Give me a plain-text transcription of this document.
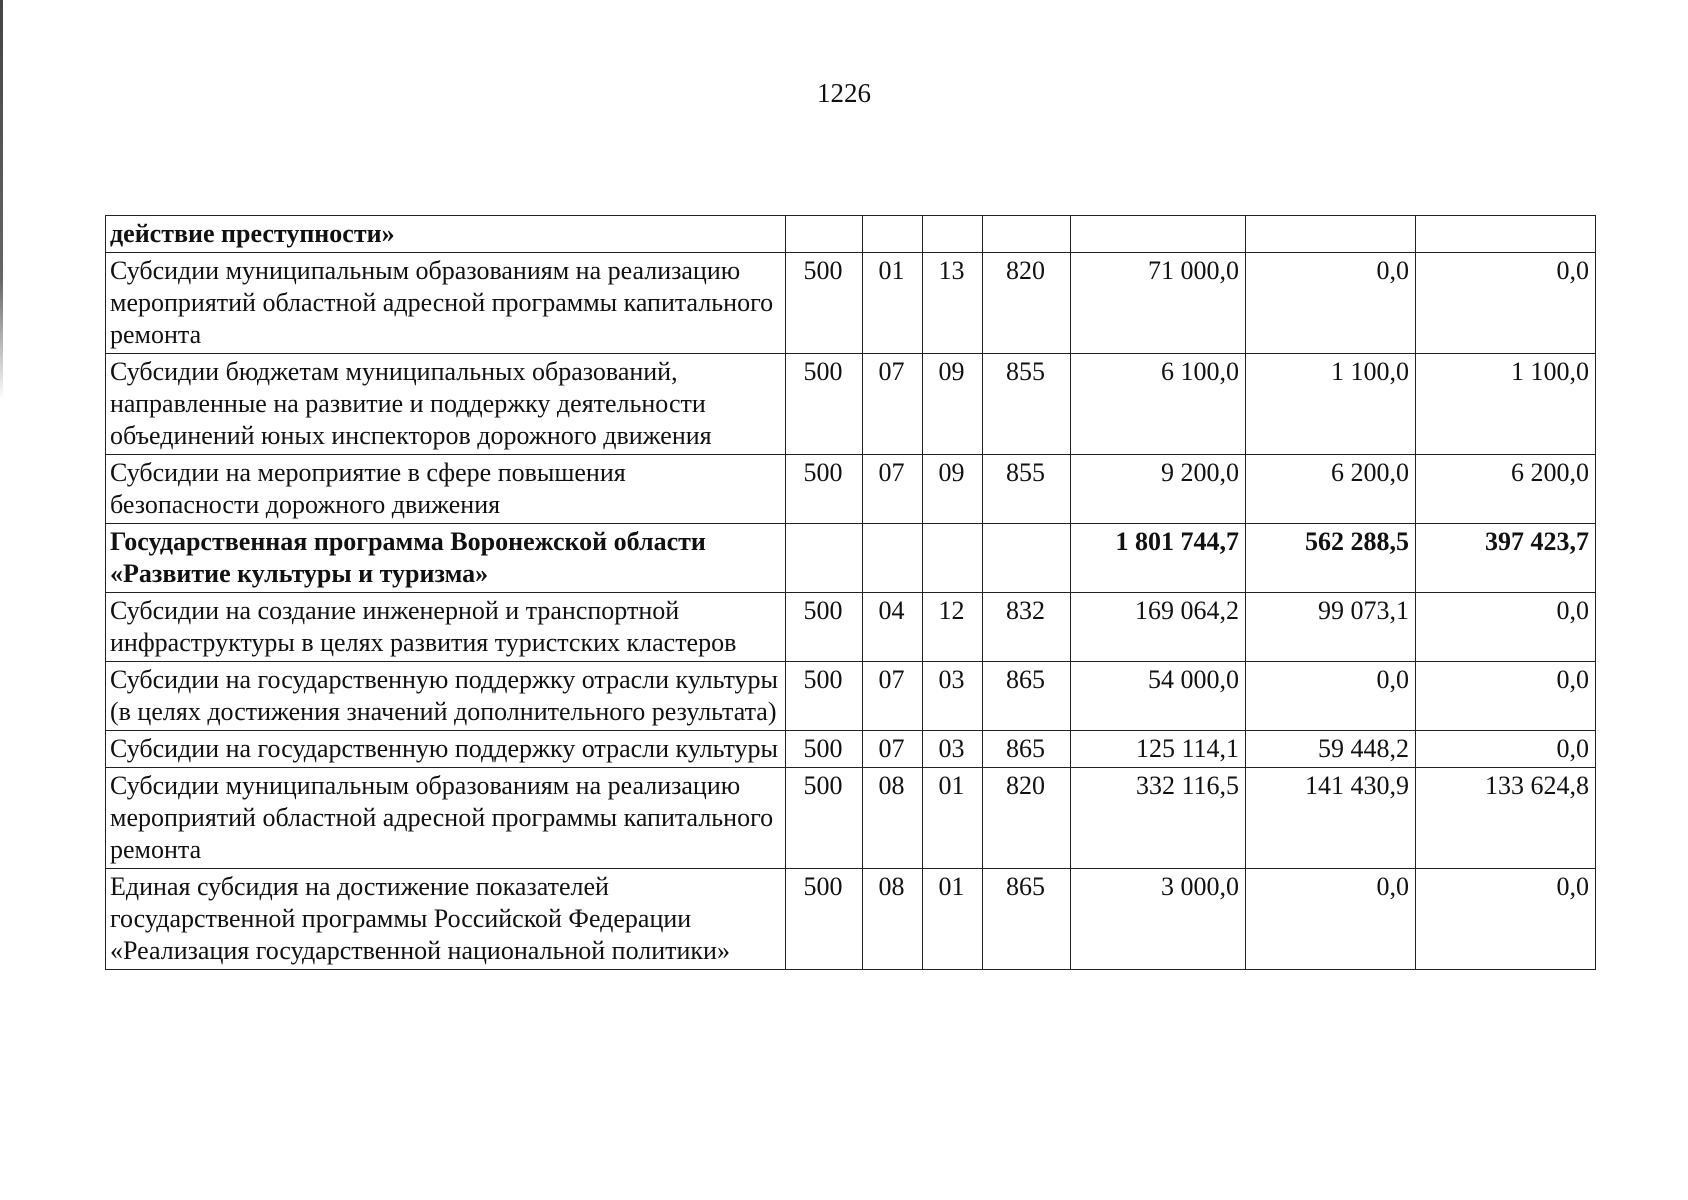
1226
действие преступности»							
Субсидии муниципальным образованиям на реализацию мероприятий областной адресной программы капитального ремонта	500	01	13	820	71 000,0	0,0	0,0
Субсидии бюджетам муниципальных образований, направленные на развитие и поддержку деятельности объединений юных инспекторов дорожного движения	500	07	09	855	6 100,0	1 100,0	1 100,0
Субсидии на мероприятие в сфере повышения безопасности дорожного движения	500	07	09	855	9 200,0	6 200,0	6 200,0
Государственная программа Воронежской области «Развитие культуры и туризма»					1 801 744,7	562 288,5	397 423,7
Субсидии на создание инженерной и транспортной инфраструктуры в целях развития туристских кластеров	500	04	12	832	169 064,2	99 073,1	0,0
Субсидии на государственную поддержку отрасли культуры (в целях достижения значений дополнительного результата)	500	07	03	865	54 000,0	0,0	0,0
Субсидии на государственную поддержку отрасли культуры	500	07	03	865	125 114,1	59 448,2	0,0
Субсидии муниципальным образованиям на реализацию мероприятий областной адресной программы капитального ремонта	500	08	01	820	332 116,5	141 430,9	133 624,8
Единая субсидия на достижение показателей государственной программы Российской Федерации «Реализация государственной национальной политики»	500	08	01	865	3 000,0	0,0	0,0
